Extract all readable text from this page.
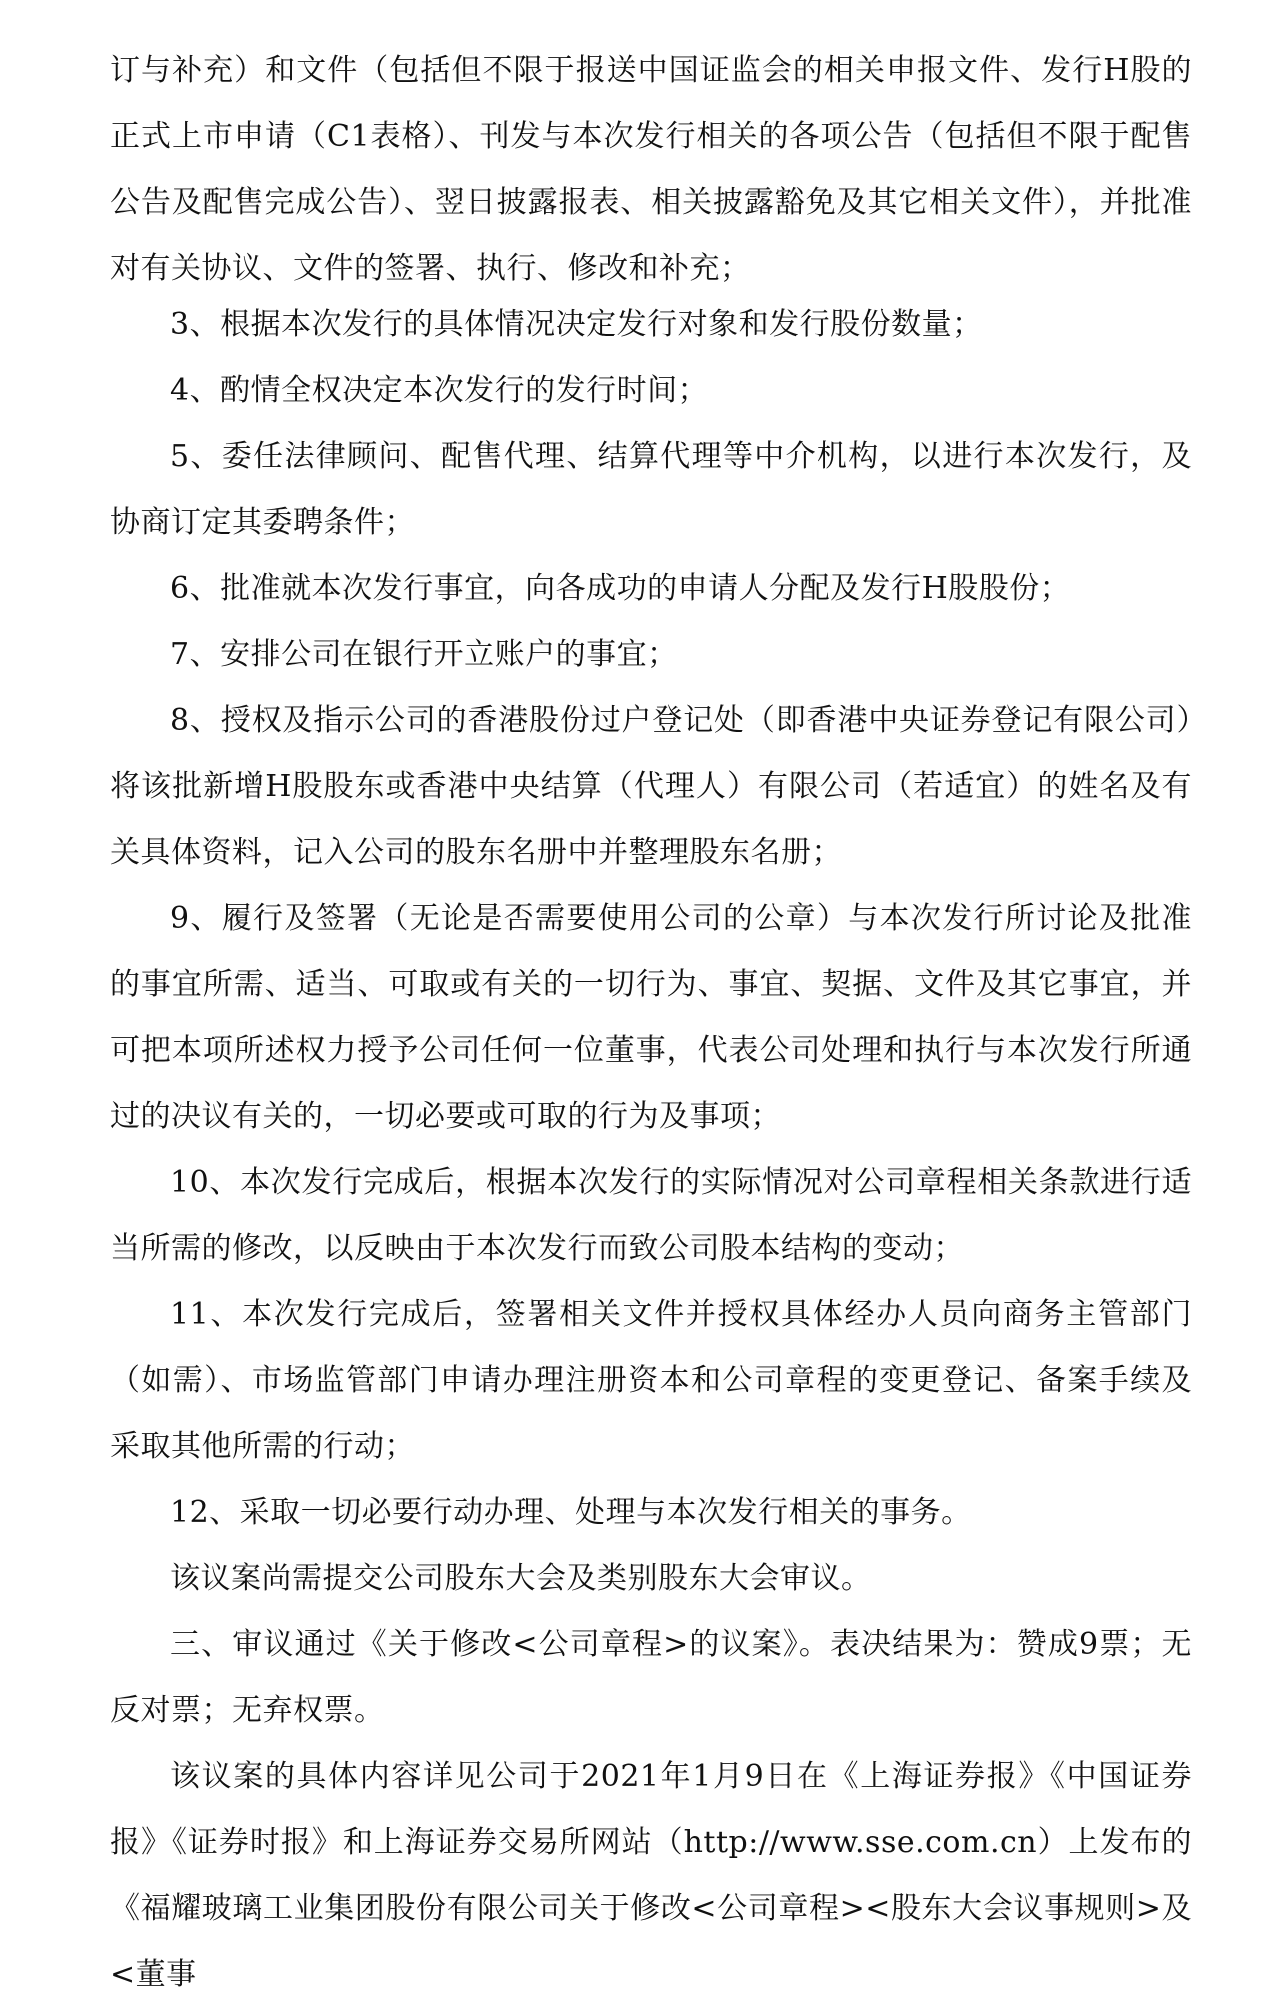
订与补充）和文件（包括但不限于报送中国证监会的相关申报文件、发行H股的正式上市申请（C1表格）、刊发与本次发行相关的各项公告（包括但不限于配售公告及配售完成公告）、翌日披露报表、相关披露豁免及其它相关文件），并批准对有关协议、文件的签署、执行、修改和补充；

3、根据本次发行的具体情况决定发行对象和发行股份数量；

4、酌情全权决定本次发行的发行时间；

5、委任法律顾问、配售代理、结算代理等中介机构，以进行本次发行，及协商订定其委聘条件；

6、批准就本次发行事宜，向各成功的申请人分配及发行H股股份；

7、安排公司在银行开立账户的事宜；

8、授权及指示公司的香港股份过户登记处（即香港中央证券登记有限公司）将该批新增H股股东或香港中央结算（代理人）有限公司（若适宜）的姓名及有关具体资料，记入公司的股东名册中并整理股东名册；

9、履行及签署（无论是否需要使用公司的公章）与本次发行所讨论及批准的事宜所需、适当、可取或有关的一切行为、事宜、契据、文件及其它事宜，并可把本项所述权力授予公司任何一位董事，代表公司处理和执行与本次发行所通过的决议有关的，一切必要或可取的行为及事项；

10、本次发行完成后，根据本次发行的实际情况对公司章程相关条款进行适当所需的修改，以反映由于本次发行而致公司股本结构的变动；

11、本次发行完成后，签署相关文件并授权具体经办人员向商务主管部门（如需）、市场监管部门申请办理注册资本和公司章程的变更登记、备案手续及采取其他所需的行动；

12、采取一切必要行动办理、处理与本次发行相关的事务。

该议案尚需提交公司股东大会及类别股东大会审议。

三、审议通过《关于修改<公司章程>的议案》。表决结果为：赞成9票；无反对票；无弃权票。

该议案的具体内容详见公司于2021年1月9日在《上海证券报》《中国证券报》《证券时报》和上海证券交易所网站（http://www.sse.com.cn）上发布的《福耀玻璃工业集团股份有限公司关于修改<公司章程><股东大会议事规则>及<董事
